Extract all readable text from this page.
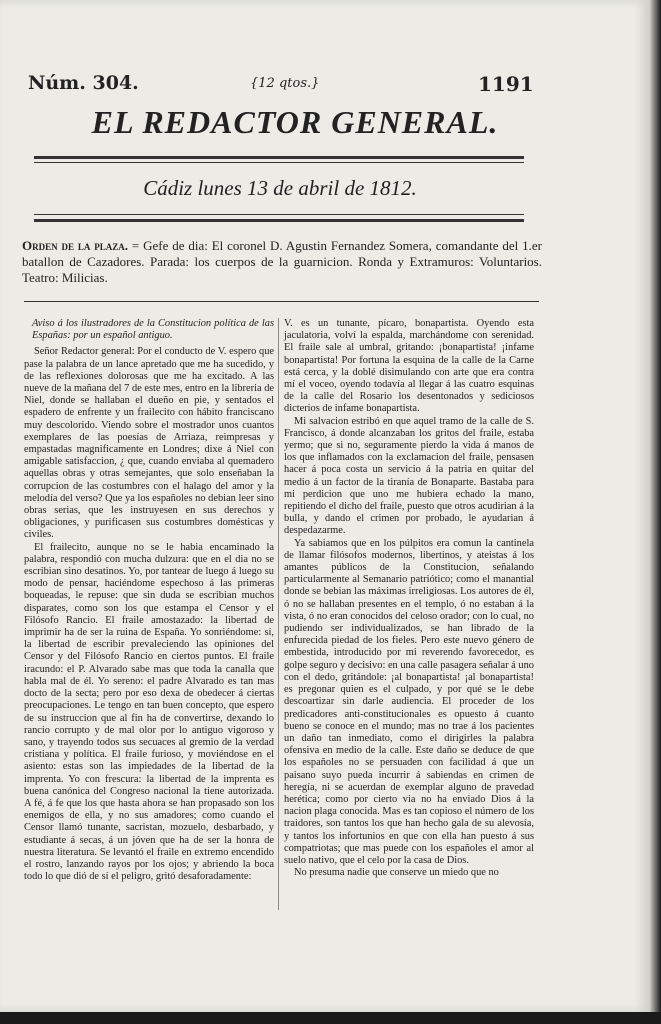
Núm. 304.	{12 qtos.}	1191
EL REDACTOR GENERAL.
Cádiz lunes 13 de abril de 1812.
Orden de la plaza. = Gefe de dia: El coronel D. Agustin Fernandez Somera, comandante del 1.er batallon de Cazadores. Parada: los cuerpos de la guarnicion. Ronda y Extramuros: Voluntarios. Teatro: Milicias.

Aviso á los ilustradores de la Constitucion política de las Españas: por un español antiguo.

Señor Redactor general: Por el conducto de V. espero que pase la palabra de un lance apretado que me ha sucedido, y de las reflexiones dolorosas que me ha excitado. A las nueve de la mañana del 7 de este mes, entro en la libreria de Niel, donde se hallaban el dueño en pie, y sentados el espadero de enfrente y un frailecito con hábito franciscano muy descolorido. Viendo sobre el mostrador unos cuantos exemplares de las poesías de Arriaza, reimpresas y empastadas magnificamente en Londres; dixe á Niel con amigable satisfaccion, ¿ que, cuando enviaba al quemadero aquellas obras y otras semejantes, que solo enseñaban la corrupcion de las costumbres con el halago del amor y la melodía del verso? Que ya los españoles no debian leer sino obras serias, que les instruyesen en sus derechos y obligaciones, y purificasen sus costumbres domésticas y civiles.

El frailecito, aunque no se le habia encaminado la palabra, respondió con mucha dulzura: que en el dia no se escribian sino desatinos. Yo, por tantear de luego á luego su modo de pensar, haciéndome espechoso á las primeras boqueadas, le repuse: que sin duda se escribian muchos disparates, como son los que estampa el Censor y el Filósofo Rancio. El fraile amostazado: la libertad de imprimir ha de ser la ruina de España. Yo sonriéndome: sí, la libertad de escribir prevaleciendo las opiniones del Censor y del Filósofo Rancio en ciertos puntos. El fraile iracundo: el P. Alvarado sabe mas que toda la canalla que habla mal de él. Yo sereno: el padre Alvarado es tan mas docto de la secta; pero por eso dexa de obedecer á ciertas preocupaciones. Le tengo en tan buen concepto, que espero de su instruccion que al fin ha de convertirse, dexando lo rancio corrupto y de mal olor por lo antiguo vigoroso y sano, y trayendo todos sus secuaces al gremio de la verdad cristiana y política. El fraile furioso, y moviéndose en el asiento: estas son las impiedades de la libertad de la imprenta. Yo con frescura: la libertad de la imprenta es buena canónica del Congreso nacional la tiene autorizada. A fé, á fe que los que hasta ahora se han propasado son los enemigos de ella, y no sus amadores; como cuando el Censor llamó tunante, sacristan, mozuelo, desbarbado, y estudiante á secas, á un jóven que ha de ser la honra de nuestra literatura. Se levantó el fraile en extremo encendido el rostro, lanzando rayos por los ojos; y abriendo la boca todo lo que dió de sí el peligro, gritó desaforadamente:

V. es un tunante, pícaro, bonapartista. Oyendo esta jaculatoria, volví la espalda, marchándome con serenidad. El fraile sale al umbral, gritando: ¡bonapartista! ¡infame bonapartista! Por fortuna la esquina de la calle de la Carne está cerca, y la doblé disimulando con arte que era contra mí el voceo, oyendo todavía al llegar á las cuatro esquinas de la calle del Rosario los desentonados y sediciosos dicterios de infame bonapartista.

Mi salvacion estribó en que aquel tramo de la calle de S. Francisco, á donde alcanzaban los gritos del fraile, estaba yermo; que si no, seguramente pierdo la vida á manos de los que inflamados con la exclamacion del fraile, pensasen hacer á poca costa un servicio á la patria en quitar del medio á un factor de la tiranía de Bonaparte. Bastaba para mi perdicion que uno me hubiera echado la mano, repitiendo el dicho del fraile, puesto que otros acudirian á la bulla, y dando el crimen por probado, le ayudarian á despedazarme.

Ya sabiamos que en los púlpitos era comun la cantinela de llamar filósofos modernos, libertinos, y ateistas á los amantes públicos de la Constitucion, señalando particularmente al Semanario patriótico; como el manantial donde se bebian las máximas irreligiosas. Los autores de él, ó no se hallaban presentes en el templo, ó no estaban á la vista, ó no eran conocidos del celoso orador; con lo cual, no pudiendo ser individualizados, se han librado de la enfurecida piedad de los fieles. Pero este nuevo género de embestida, introducido por mi reverendo favorecedor, es golpe seguro y decisivo: en una calle pasagera señalar á uno con el dedo, gritándole: ¡al bonapartista! ¡al bonapartista! es pregonar quien es el culpado, y por qué se le debe descoartizar sin darle audiencia. El proceder de los predicadores anti-constitucionales es opuesto á cuanto bueno se conoce en el mundo; mas no trae á los pacientes un daño tan inmediato, como el dirigirles la palabra ofensiva en medio de la calle. Este daño se deduce de que los españoles no se persuaden con facilidad á que un paisano suyo pueda incurrir á sabiendas en crimen de heregía, ni se acuerdan de exemplar alguno de pravedad herética; como por cierto via no ha enviado Dios á la nacion plaga conocida. Mas es tan copioso el número de los traidores, son tantos los que han hecho gala de su alevosía, y tantos los infortunios en que con ella han puesto á sus compatriotas; que mas puede con los españoles el amor al suelo nativo, que el celo por la casa de Dios.

No presuma nadie que conserve un miedo que no
